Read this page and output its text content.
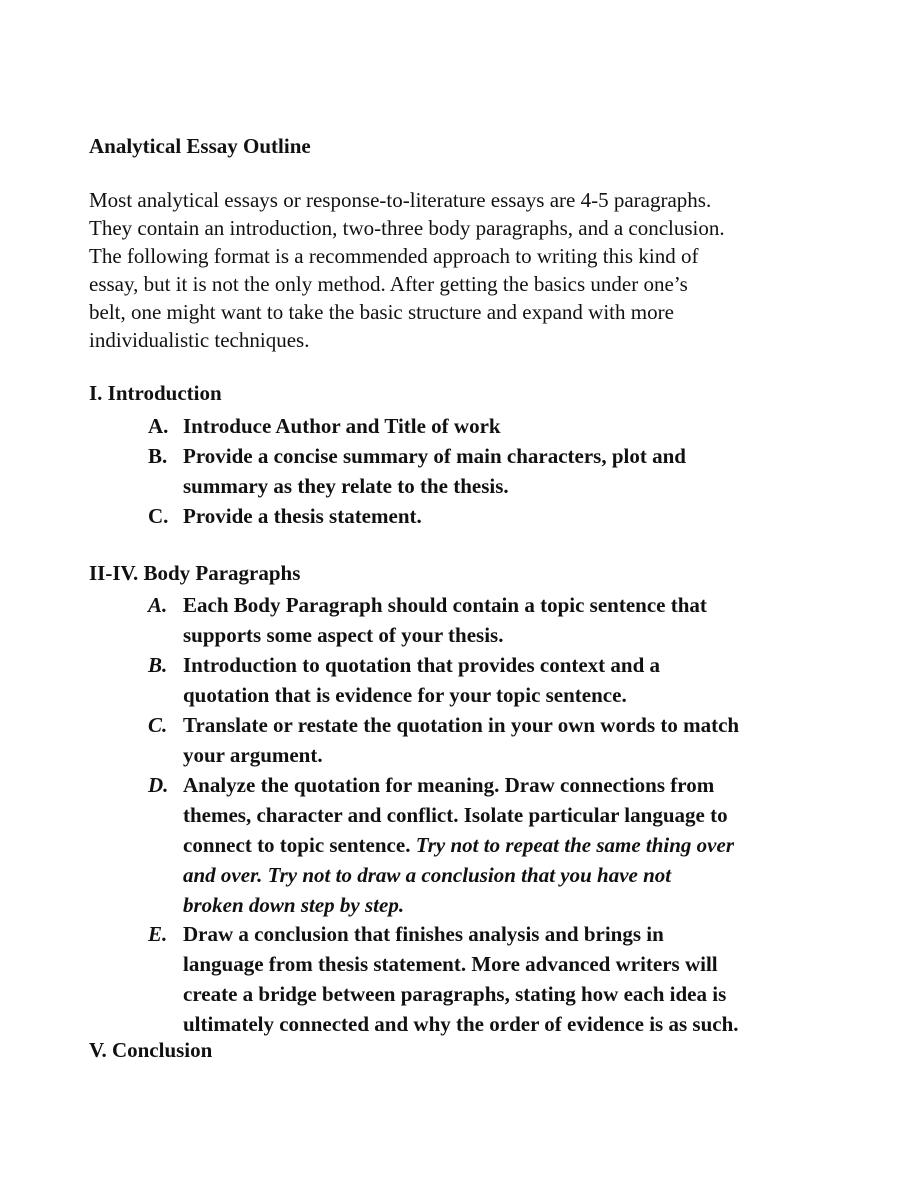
Analytical Essay Outline
Most analytical essays or response-to-literature essays are 4-5 paragraphs.
They contain an introduction, two-three body paragraphs, and a conclusion.
The following format is a recommended approach to writing this kind of
essay, but it is not the only method. After getting the basics under one’s
belt, one might want to take the basic structure and expand with more
individualistic techniques.
I. Introduction
A. Introduce Author and Title of work
B. Provide a concise summary of main characters, plot and
summary as they relate to the thesis.
C. Provide a thesis statement.
II-IV. Body Paragraphs
A. Each Body Paragraph should contain a topic sentence that
supports some aspect of your thesis.
B. Introduction to quotation that provides context and a
quotation that is evidence for your topic sentence.
C. Translate or restate the quotation in your own words to match
your argument.
D. Analyze the quotation for meaning. Draw connections from
themes, character and conflict. Isolate particular language to
connect to topic sentence. Try not to repeat the same thing over
and over. Try not to draw a conclusion that you have not
broken down step by step.
E. Draw a conclusion that finishes analysis and brings in
language from thesis statement. More advanced writers will
create a bridge between paragraphs, stating how each idea is
ultimately connected and why the order of evidence is as such.
V. Conclusion
